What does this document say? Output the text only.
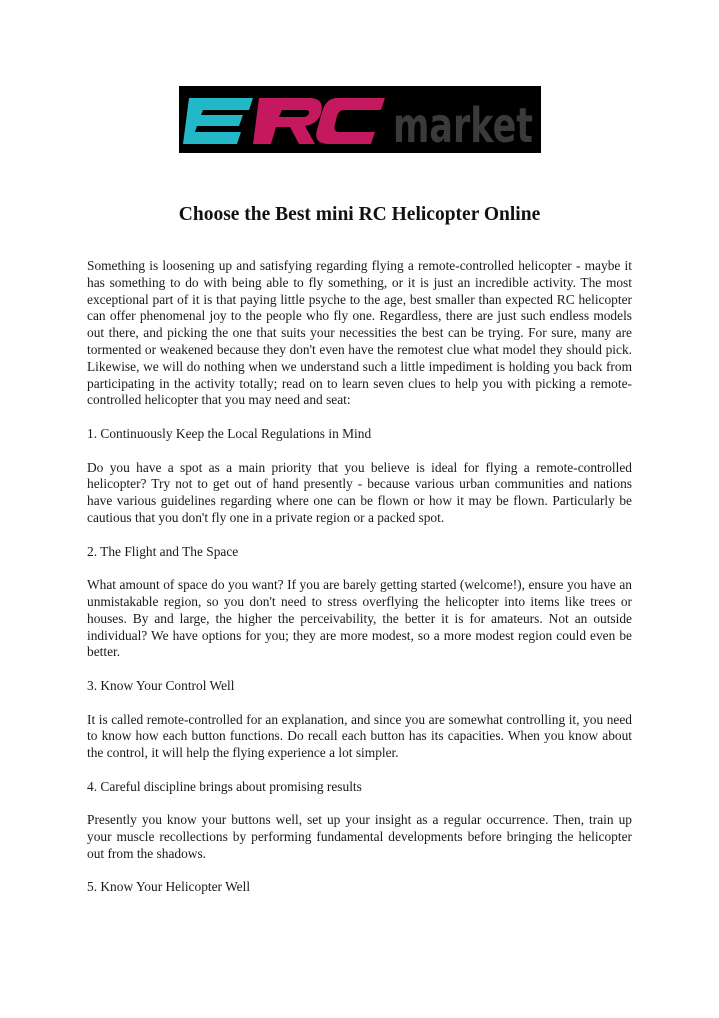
market
Choose the Best mini RC Helicopter Online

Something is loosening up and satisfying regarding flying a remote-controlled helicopter - maybe it has something to do with being able to fly something, or it is just an incredible activity. The most exceptional part of it is that paying little psyche to the age, best smaller than expected RC helicopter can offer phenomenal joy to the people who fly one. Regardless, there are just such endless models out there, and picking the one that suits your necessities the best can be trying. For sure, many are tormented or weakened because they don't even have the remotest clue what model they should pick. Likewise, we will do nothing when we understand such a little impediment is holding you back from participating in the activity totally; read on to learn seven clues to help you with picking a remote-controlled helicopter that you may need and seat:

1. Continuously Keep the Local Regulations in Mind

Do you have a spot as a main priority that you believe is ideal for flying a remote-controlled helicopter? Try not to get out of hand presently - because various urban communities and nations have various guidelines regarding where one can be flown or how it may be flown. Particularly be cautious that you don't fly one in a private region or a packed spot.

2. The Flight and The Space

What amount of space do you want? If you are barely getting started (welcome!), ensure you have an unmistakable region, so you don't need to stress overflying the helicopter into items like trees or houses. By and large, the higher the perceivability, the better it is for amateurs. Not an outside individual? We have options for you; they are more modest, so a more modest region could even be better.

3. Know Your Control Well

It is called remote-controlled for an explanation, and since you are somewhat controlling it, you need to know how each button functions. Do recall each button has its capacities. When you know about the control, it will help the flying experience a lot simpler.

4. Careful discipline brings about promising results

Presently you know your buttons well, set up your insight as a regular occurrence. Then, train up your muscle recollections by performing fundamental developments before bringing the helicopter out from the shadows.

5. Know Your Helicopter Well
